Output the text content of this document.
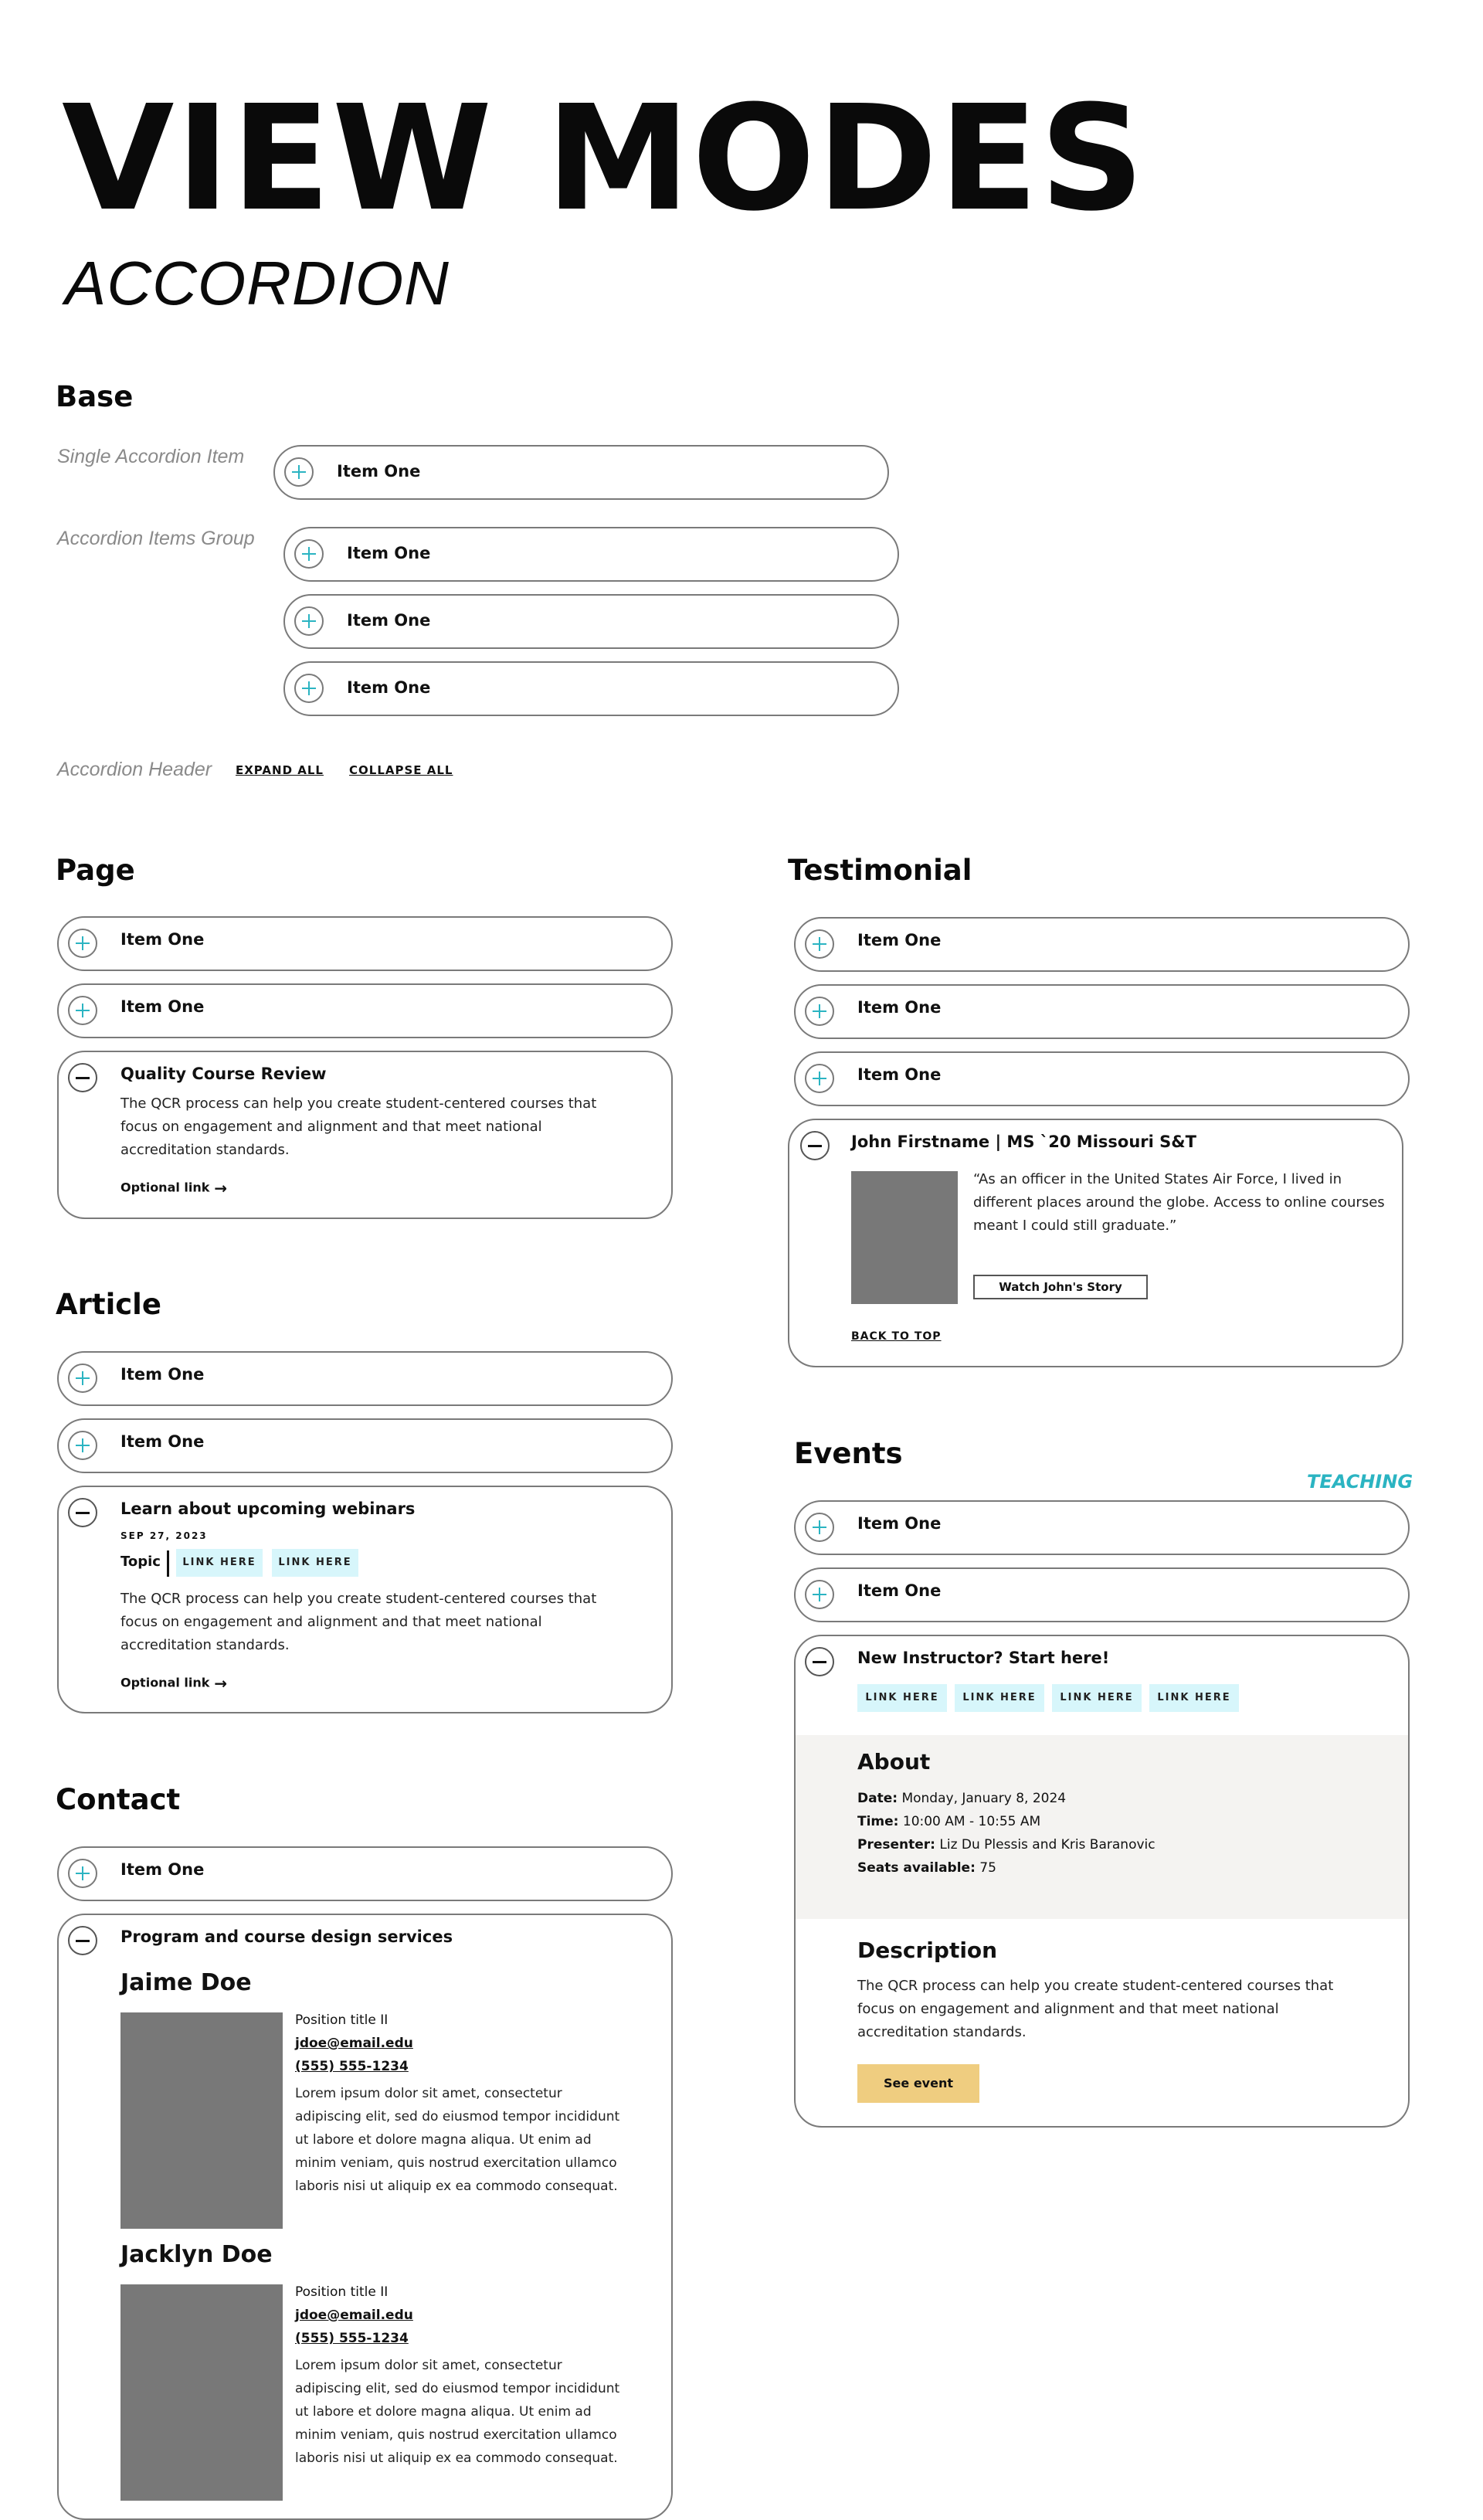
VIEW MODES
ACCORDION
Base
Single Accordion Item
Item One
Accordion Items Group
Item One
Item One
Item One
Accordion Header EXPAND ALL COLLAPSE ALL
Page
Item One
Item One
Quality Course Review
The QCR process can help you create student-centered courses that focus on engagement and alignment and that meet national accreditation standards.
Optional link →
Article
Item One
Item One
Learn about upcoming webinars
SEP 27, 2023
Topic	LINK HERE	LINK HERE
The QCR process can help you create student-centered courses that focus on engagement and alignment and that meet national accreditation standards.
Optional link →
Contact
Item One
Program and course design services
Jaime Doe
Position title II
jdoe@email.edu
(555) 555-1234
Lorem ipsum dolor sit amet, consectetur adipiscing elit, sed do eiusmod tempor incididunt ut labore et dolore magna aliqua. Ut enim ad minim veniam, quis nostrud exercitation ullamco laboris nisi ut aliquip ex ea commodo consequat.
Jacklyn Doe
Position title II
jdoe@email.edu
(555) 555-1234
Lorem ipsum dolor sit amet, consectetur adipiscing elit, sed do eiusmod tempor incididunt ut labore et dolore magna aliqua. Ut enim ad minim veniam, quis nostrud exercitation ullamco laboris nisi ut aliquip ex ea commodo consequat.
Testimonial
Item One
Item One
Item One
John Firstname | MS `20 Missouri S&T
“As an officer in the United States Air Force, I lived in different places around the globe. Access to online courses meant I could still graduate.”
Watch John's Story
BACK TO TOP
Events
TEACHING
Item One
Item One
New Instructor? Start here!
LINK HERE	LINK HERE	LINK HERE	LINK HERE
About
Date: Monday, January 8, 2024
Time: 10:00 AM - 10:55 AM
Presenter: Liz Du Plessis and Kris Baranovic
Seats available: 75
Description
The QCR process can help you create student-centered courses that focus on engagement and alignment and that meet national accreditation standards.
See event
